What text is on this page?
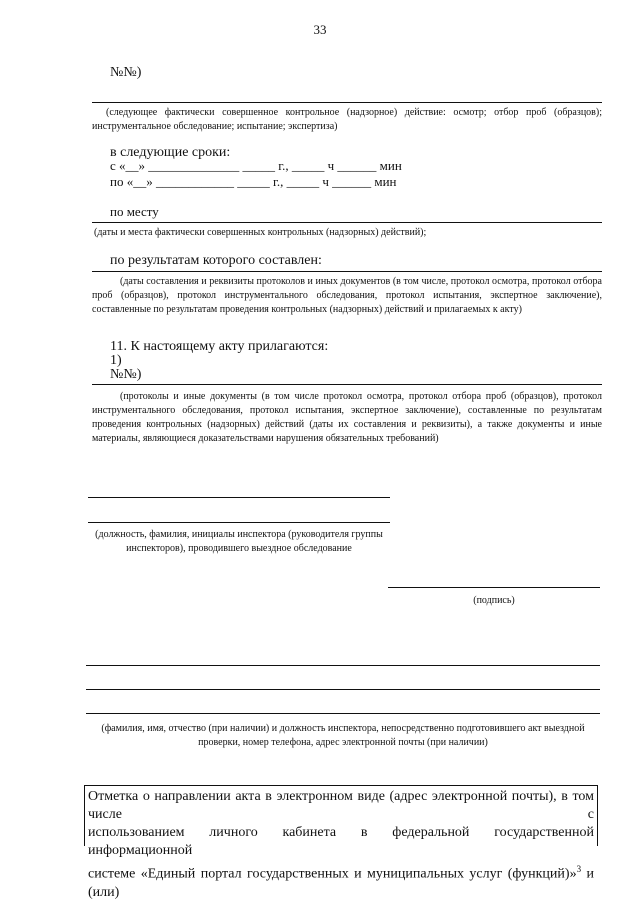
33
№№)
(следующее фактически совершенное контрольное (надзорное) действие: осмотр; отбор проб (образцов); инструментальное обследование; испытание; экспертиза)
в следующие сроки:
с «__» ______________ _____ г., _____ ч ______ мин
по «__» ____________ _____ г., _____ ч ______ мин
по месту
(даты и места фактически совершенных контрольных (надзорных) действий);
по результатам которого составлен:
(даты составления и реквизиты протоколов и иных документов (в том числе, протокол осмотра, протокол отбора проб (образцов), протокол инструментального обследования, протокол испытания, экспертное заключение), составленные по результатам проведения контрольных (надзорных) действий и прилагаемых к акту)
11. К настоящему акту прилагаются:
1)
№№)
(протоколы и иные документы (в том числе протокол осмотра, протокол отбора проб (образцов), протокол инструментального обследования, протокол испытания, экспертное заключение), составленные по результатам проведения контрольных (надзорных) действий (даты их составления и реквизиты), а также документы и иные материалы, являющиеся доказательствами нарушения обязательных требований)
(должность, фамилия, инициалы инспектора (руководителя группы инспекторов), проводившего выездное обследование
(подпись)
(фамилия, имя, отчество (при наличии) и должность инспектора, непосредственно подготовившего акт выездной проверки, номер телефона, адрес электронной почты (при наличии)
Отметка о направлении акта в электронном виде (адрес электронной почты), в том числе с
использованием личного кабинета в федеральной государственной информационной
системе «Единый портал государственных и муниципальных услуг (функций)»$^3$ и (или)
